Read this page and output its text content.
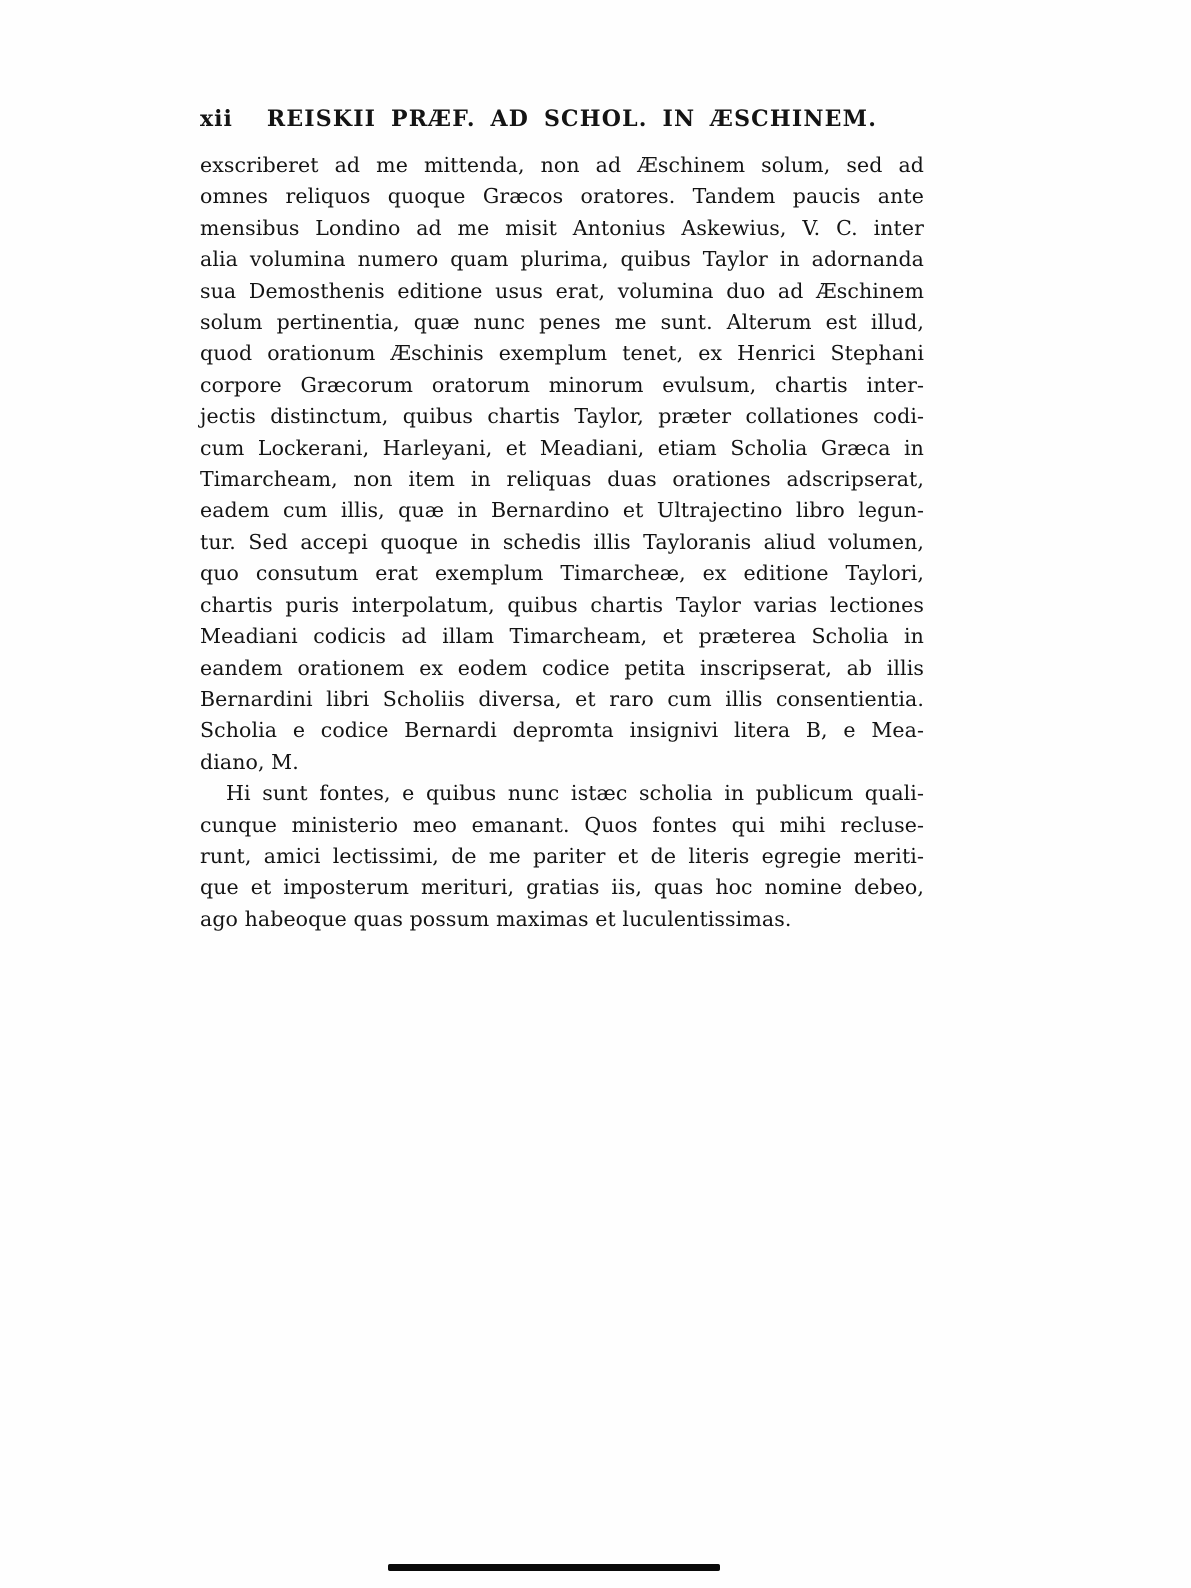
xii REISKII PRÆF. AD SCHOL. IN ÆSCHINEM.
exscriberet ad me mittenda, non ad Æschinem solum, sed ad
omnes reliquos quoque Græcos oratores. Tandem paucis ante
mensibus Londino ad me misit Antonius Askewius, V. C. inter
alia volumina numero quam plurima, quibus Taylor in adornanda
sua Demosthenis editione usus erat, volumina duo ad Æschinem
solum pertinentia, quæ nunc penes me sunt. Alterum est illud,
quod orationum Æschinis exemplum tenet, ex Henrici Stephani
corpore Græcorum oratorum minorum evulsum, chartis inter-
jectis distinctum, quibus chartis Taylor, præter collationes codi-
cum Lockerani, Harleyani, et Meadiani, etiam Scholia Græca in
Timarcheam, non item in reliquas duas orationes adscripserat,
eadem cum illis, quæ in Bernardino et Ultrajectino libro legun-
tur. Sed accepi quoque in schedis illis Tayloranis aliud volumen,
quo consutum erat exemplum Timarcheæ, ex editione Taylori,
chartis puris interpolatum, quibus chartis Taylor varias lectiones
Meadiani codicis ad illam Timarcheam, et præterea Scholia in
eandem orationem ex eodem codice petita inscripserat, ab illis
Bernardini libri Scholiis diversa, et raro cum illis consentientia.
Scholia e codice Bernardi depromta insignivi litera B, e Mea-
diano, M.
Hi sunt fontes, e quibus nunc istæc scholia in publicum quali-
cunque ministerio meo emanant. Quos fontes qui mihi recluse-
runt, amici lectissimi, de me pariter et de literis egregie meriti-
que et imposterum merituri, gratias iis, quas hoc nomine debeo,
ago habeoque quas possum maximas et luculentissimas.
